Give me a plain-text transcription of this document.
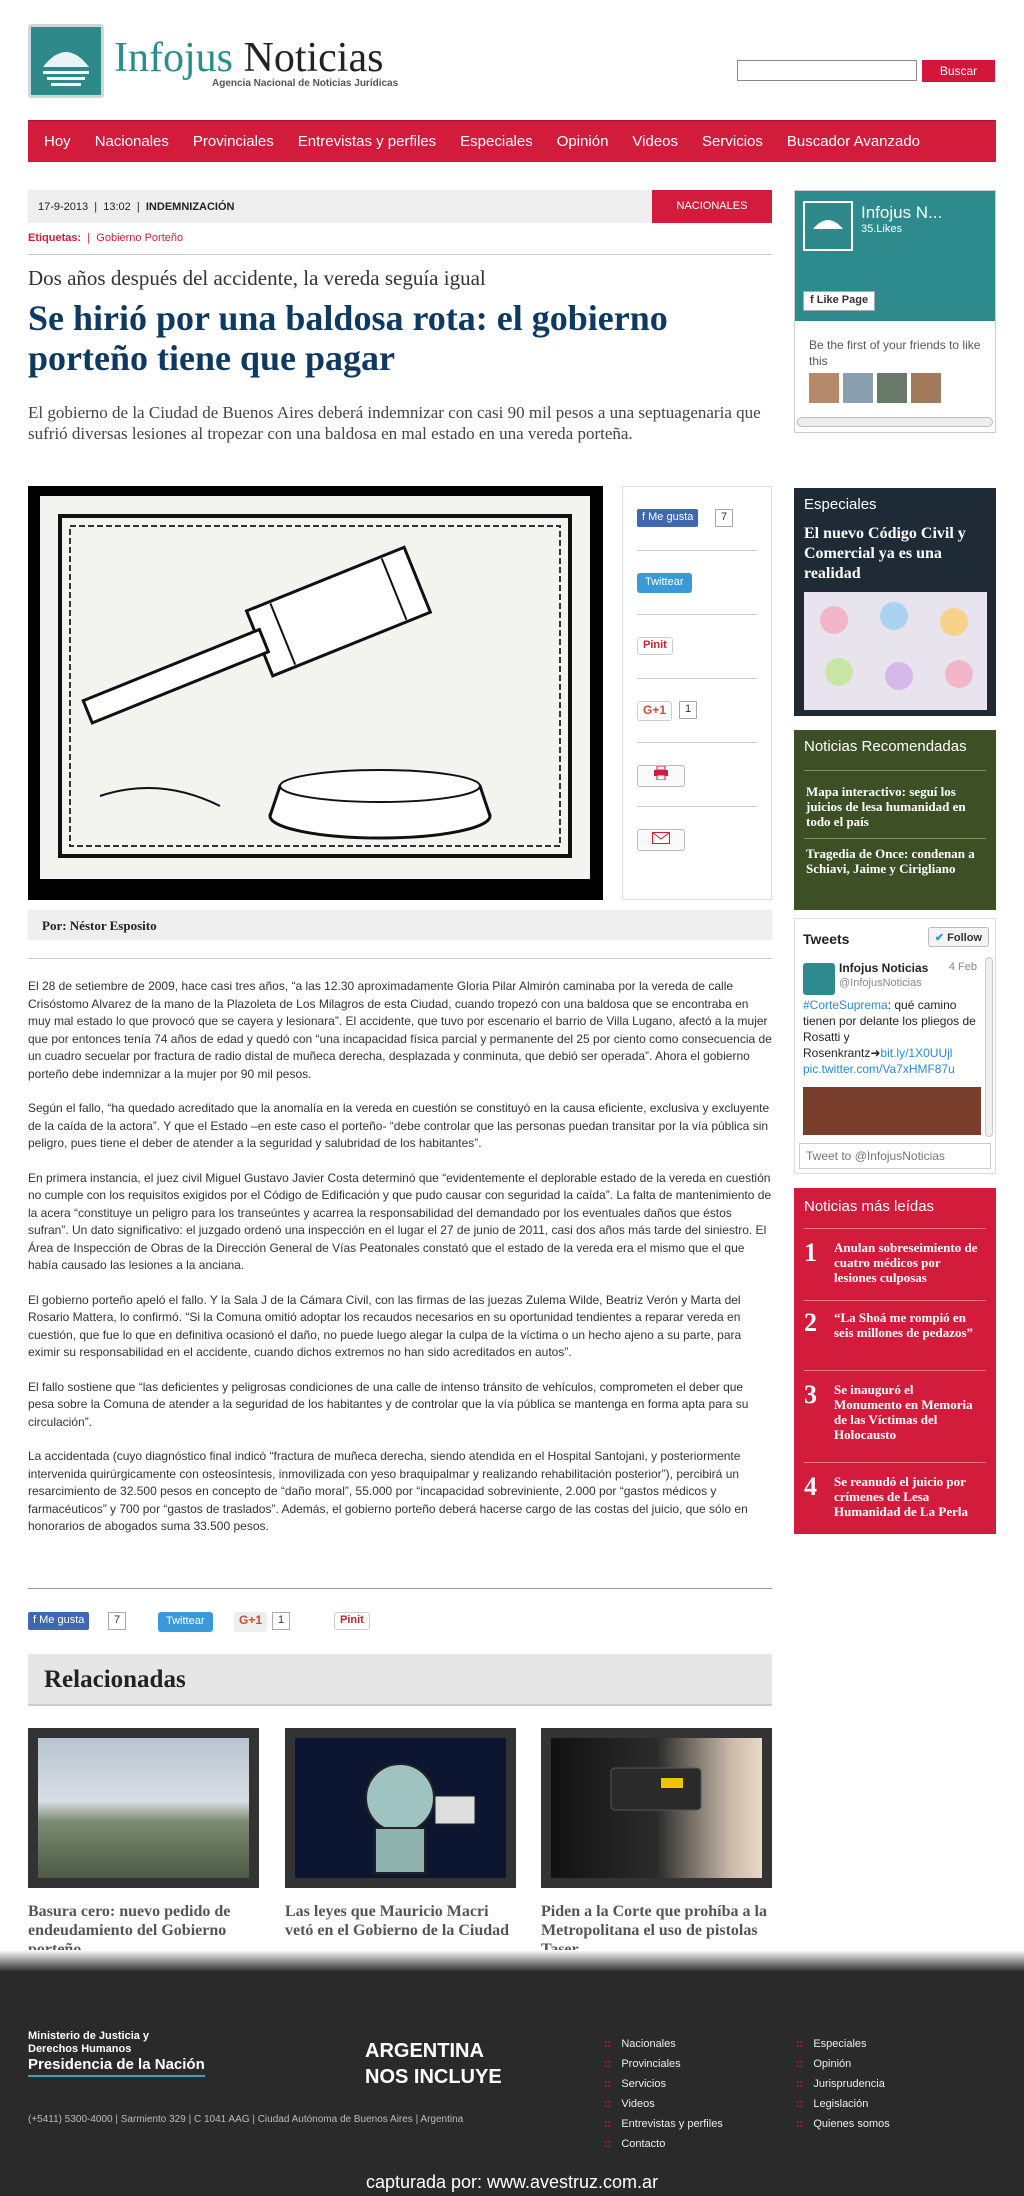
Infojus Noticias
Agencia Nacional de Noticias Jurídicas
Buscar
Hoy	Nacionales	Provinciales	Entrevistas y perfiles	Especiales	Opinión	Videos	Servicios	Buscador Avanzado
17-9-2013  |  13:02  |  INDEMNIZACIÓN	NACIONALES
Etiquetas:  |  Gobierno Porteño
Dos años después del accidente, la vereda seguía igual
Se hirió por una baldosa rota: el gobierno porteño tiene que pagar
El gobierno de la Ciudad de Buenos Aires deberá indemnizar con casi 90 mil pesos a una septuagenaria que sufrió diversas lesiones al tropezar con una baldosa en mal estado en una vereda porteña.
f Me gusta	7
Twittear
Pinit
G+1	1
Por: Néstor Esposito

El 28 de setiembre de 2009, hace casi tres años, “a las 12.30 aproximadamente Gloria Pilar Almirón caminaba por la vereda de calle Crisóstomo Alvarez de la mano de la Plazoleta de Los Milagros de esta Ciudad, cuando tropezó con una baldosa que se encontraba en muy mal estado lo que provocó que se cayera y lesionara”. El accidente, que tuvo por escenario el barrio de Villa Lugano, afectó a la mujer que por entonces tenía 74 años de edad y quedó con “una incapacidad física parcial y permanente del 25 por ciento como consecuencia de un cuadro secuelar por fractura de radio distal de muñeca derecha, desplazada y conminuta, que debió ser operada”. Ahora el gobierno porteño debe indemnizar a la mujer por 90 mil pesos.

Según el fallo, “ha quedado acreditado que la anomalía en la vereda en cuestión se constituyó en la causa eficiente, exclusiva y excluyente de la caída de la actora”. Y que el Estado –en este caso el porteño- “debe controlar que las personas puedan transitar por la vía pública sin peligro, pues tiene el deber de atender a la seguridad y salubridad de los habitantes”.

En primera instancia, el juez civil Miguel Gustavo Javier Costa determinó que “evidentemente el deplorable estado de la vereda en cuestión no cumple con los requisitos exigidos por el Código de Edificación y que pudo causar con seguridad la caída”. La falta de mantenimiento de la acera “constituye un peligro para los transeúntes y acarrea la responsabilidad del demandado por los eventuales daños que éstos sufran”. Un dato significativo: el juzgado ordenó una inspección en el lugar el 27 de junio de 2011, casi dos años más tarde del siniestro. El Área de Inspección de Obras de la Dirección General de Vías Peatonales constató que el estado de la vereda era el mismo que el que había causado las lesiones a la anciana.

El gobierno porteño apeló el fallo. Y la Sala J de la Cámara Civil, con las firmas de las juezas Zulema Wilde, Beatriz Verón y Marta del Rosario Mattera, lo confirmó. “Si la Comuna omitió adoptar los recaudos necesarios en su oportunidad tendientes a reparar vereda en cuestión, que fue lo que en definitiva ocasionó el daño, no puede luego alegar la culpa de la víctima o un hecho ajeno a su parte, para eximir su responsabilidad en el accidente, cuando dichos extremos no han sido acreditados en autos”.

El fallo sostiene que “las deficientes y peligrosas condiciones de una calle de intenso tránsito de vehículos, comprometen el deber que pesa sobre la Comuna de atender a la seguridad de los habitantes y de controlar que la vía pública se mantenga en forma apta para su circulación”.

La accidentada (cuyo diagnóstico final indicó “fractura de muñeca derecha, siendo atendida en el Hospital Santojani, y posteriormente intervenida quirúrgicamente con osteosíntesis, inmovilizada con yeso braquipalmar y realizando rehabilitación posterior”), percibirá un resarcimiento de 32.500 pesos en concepto de “daño moral”, 55.000 por “incapacidad sobreviniente, 2.000 por “gastos médicos y farmacéuticos” y 700 por “gastos de traslados”. Además, el gobierno porteño deberá hacerse cargo de las costas del juicio, que sólo en honorarios de abogados suma 33.500 pesos.

f Me gusta	7	Twittear	G+1	1	Pinit
Relacionadas
Basura cero: nuevo pedido de endeudamiento del Gobierno
Las leyes que Mauricio Macri vetó en el Gobierno de la Ciudad
Piden a la Corte que prohíba a la Metropolitana el uso de pistolas
Infojus N...
35.Likes
f Like Page
Be the first of your friends to like this
Especiales
El nuevo Código Civil y Comercial ya es una realidad
Noticias Recomendadas
Mapa interactivo: seguí los juicios de lesa humanidad en todo el país
Tragedia de Once: condenan a Schiavi, Jaime y Cirigliano
Tweets	✔ Follow
Infojus Noticias
@InfojusNoticias
4 Feb
#CorteSuprema: qué camino tienen por delante los pliegos de Rosatti y Rosenkrantz➜bit.ly/1X0UUjl pic.twitter.com/Va7xHMF87u
Tweet to @InfojusNoticias
Noticias más leídas
1 Anulan sobreseimiento de cuatro médicos por lesiones culposas
2 “La Shoá me rompió en seis millones de pedazos”
3 Se inauguró el Monumento en Memoria de las Víctimas del Holocausto
4 Se reanudó el juicio por crímenes de Lesa Humanidad de La Perla
Ministerio de Justicia y Derechos Humanos
Presidencia de la Nación
ARGENTINA
NOS INCLUYE
(+5411) 5300-4000 | Sarmiento 329 | C 1041 AAG | Ciudad Autónoma de Buenos Aires | Argentina
:: Nacionales
:: Provinciales
:: Servicios
:: Videos
:: Entrevistas y perfiles
:: Contacto
:: Especiales
:: Opinión
:: Jurisprudencia
:: Legislación
:: Quienes somos
capturada por: www.avestruz.com.ar
